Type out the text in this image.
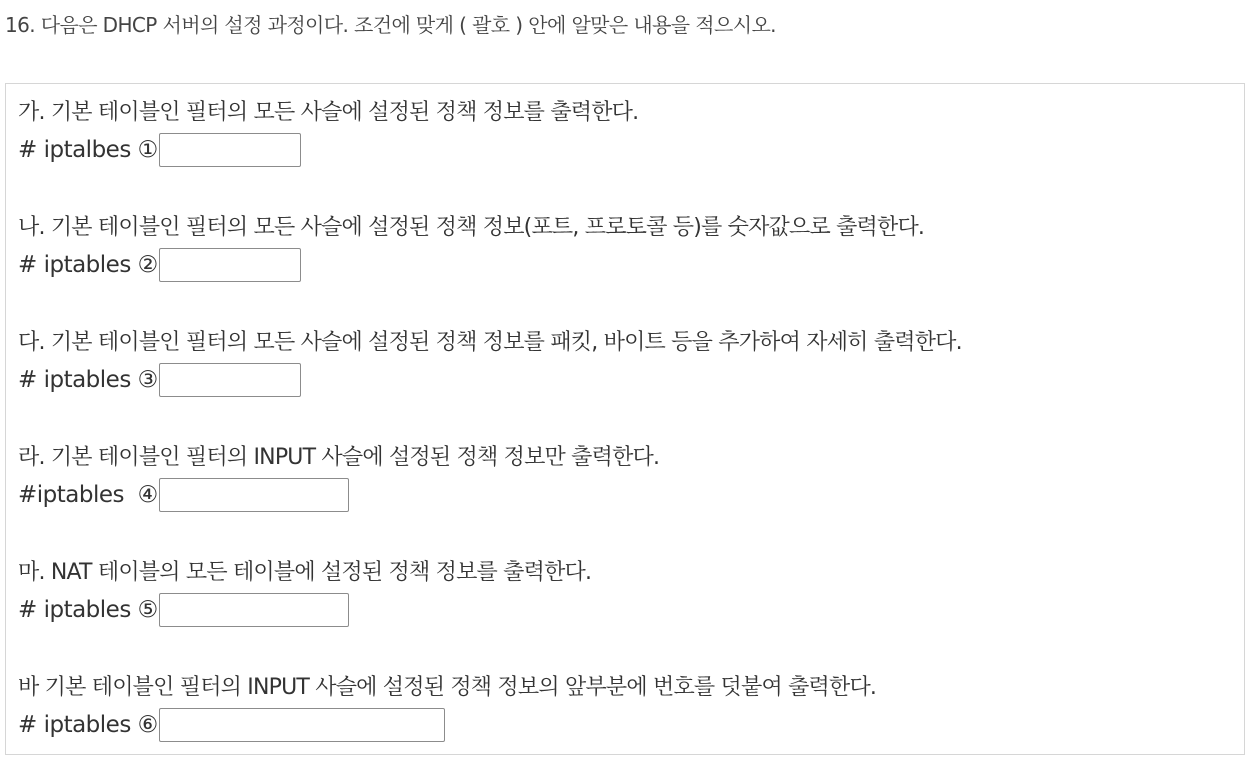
16. 다음은 DHCP 서버의 설정 과정이다. 조건에 맞게 ( 괄호 ) 안에 알맞은 내용을 적으시오.
가. 기본 테이블인 필터의 모든 사슬에 설정된 정책 정보를 출력한다.
# iptalbes ①
나. 기본 테이블인 필터의 모든 사슬에 설정된 정책 정보(포트, 프로토콜 등)를 숫자값으로 출력한다.
# iptables ②
다. 기본 테이블인 필터의 모든 사슬에 설정된 정책 정보를 패킷, 바이트 등을 추가하여 자세히 출력한다.
# iptables ③
라. 기본 테이블인 필터의 INPUT 사슬에 설정된 정책 정보만 출력한다.
#iptables  ④
마. NAT 테이블의 모든 테이블에 설정된 정책 정보를 출력한다.
# iptables ⑤
바 기본 테이블인 필터의 INPUT 사슬에 설정된 정책 정보의 앞부분에 번호를 덧붙여 출력한다.
# iptables ⑥
